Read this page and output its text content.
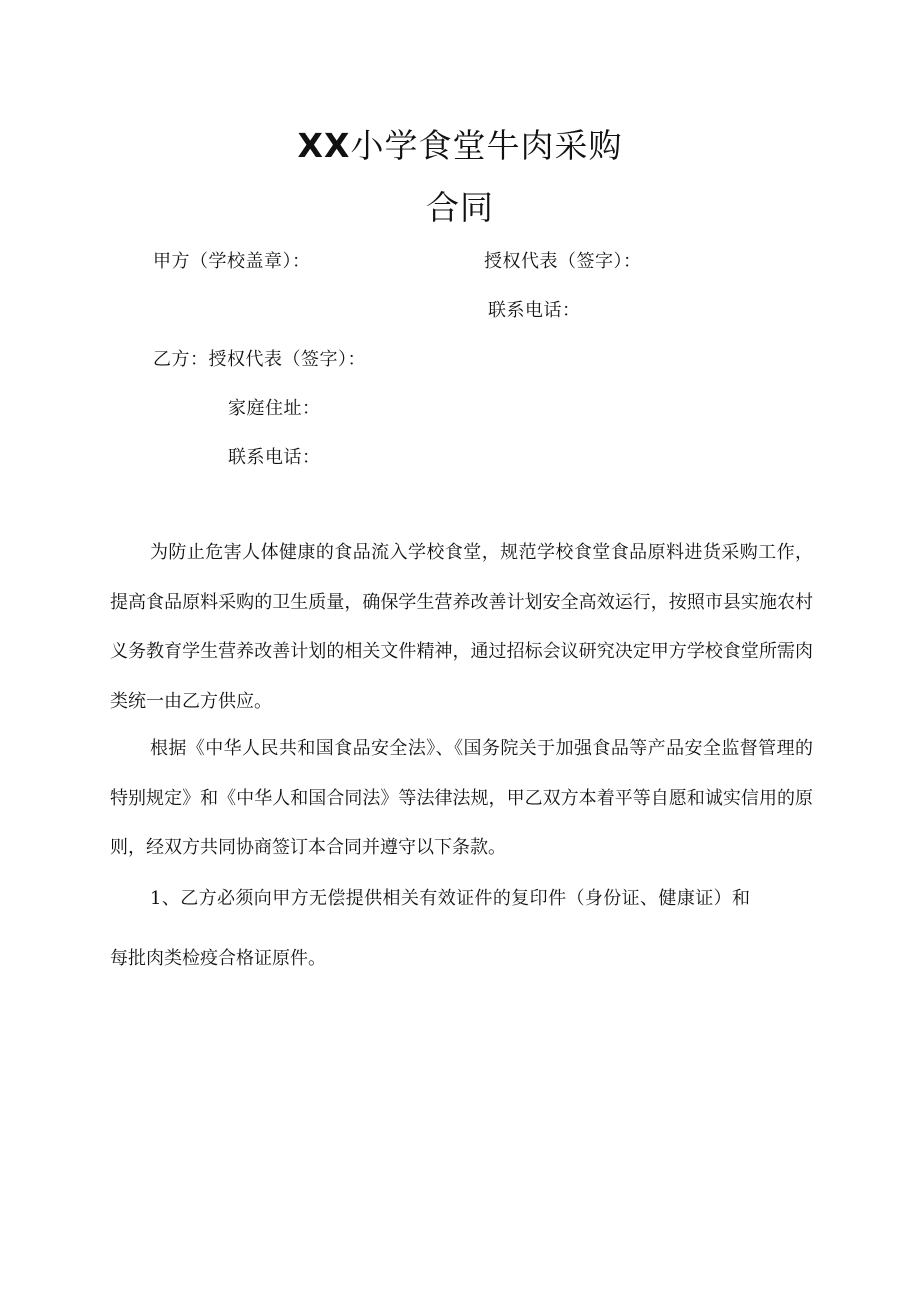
XX小学食堂牛肉采购
合同
甲方（学校盖章）：	授权代表（签字）：
联系电话：
乙方：授权代表（签字）：
家庭住址：
联系电话：

为防止危害人体健康的食品流入学校食堂，规范学校食堂食品原料进货采购工作，提高食品原料采购的卫生质量，确保学生营养改善计划安全高效运行，按照市县实施农村义务教育学生营养改善计划的相关文件精神，通过招标会议研究决定甲方学校食堂所需肉类统一由乙方供应。

根据《中华人民共和国食品安全法》、《国务院关于加强食品等产品安全监督管理的特别规定》和《中华人和国合同法》等法律法规，甲乙双方本着平等自愿和诚实信用的原则，经双方共同协商签订本合同并遵守以下条款。

1、乙方必须向甲方无偿提供相关有效证件的复印件（身份证、健康证）和每批肉类检疫合格证原件。
